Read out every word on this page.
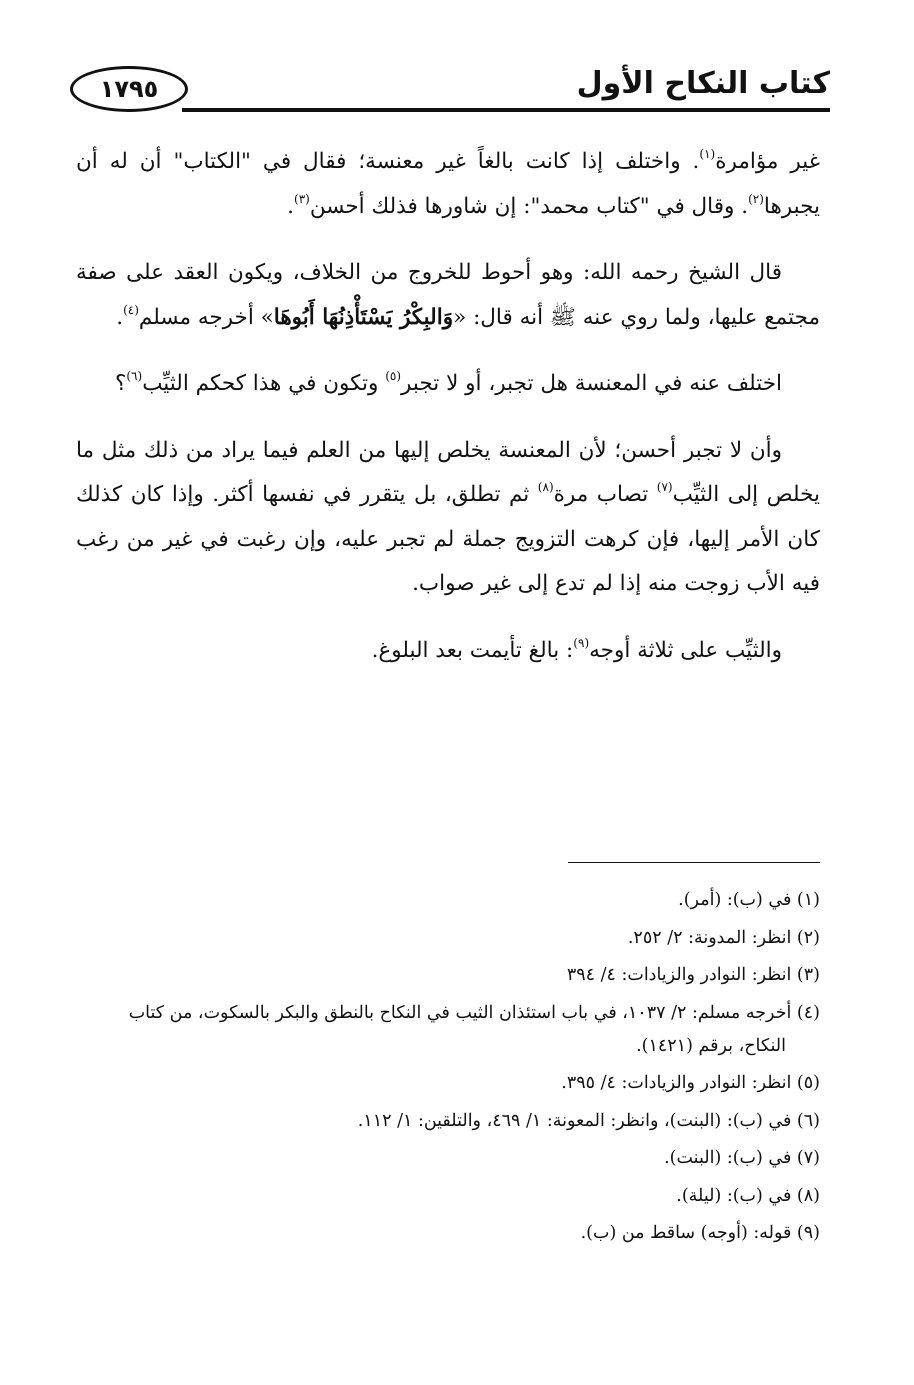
١٧٩٥	كتاب النكاح الأول

غير مؤامرة$^{(١)}$. واختلف إذا كانت بالغاً غير معنسة؛ فقال في "الكتاب" أن له أن يجبرها$^{(٢)}$. وقال في "كتاب محمد": إن شاورها فذلك أحسن$^{(٣)}$.

قال الشيخ رحمه الله: وهو أحوط للخروج من الخلاف، ويكون العقد على صفة مجتمع عليها، ولما روي عنه ﷺ أنه قال: «وَالبِكْرُ يَسْتَأْذِنُهَا أَبُوهَا» أخرجه مسلم$^{(٤)}$.

اختلف عنه في المعنسة هل تجبر، أو لا تجبر$^{(٥)}$ وتكون في هذا كحكم الثيِّب$^{(٦)}$؟

وأن لا تجبر أحسن؛ لأن المعنسة يخلص إليها من العلم فيما يراد من ذلك مثل ما يخلص إلى الثيِّب$^{(٧)}$ تصاب مرة$^{(٨)}$ ثم تطلق، بل يتقرر في نفسها أكثر. وإذا كان كذلك كان الأمر إليها، فإن كرهت التزويج جملة لم تجبر عليه، وإن رغبت في غير من رغب فيه الأب زوجت منه إذا لم تدع إلى غير صواب.

والثيِّب على ثلاثة أوجه$^{(٩)}$: بالغ تأيمت بعد البلوغ.

(١) في (ب): (أمر).
(٢) انظر: المدونة: ٢/ ٢٥٢.
(٣) انظر: النوادر والزيادات: ٤/ ٣٩٤
(٤) أخرجه مسلم: ٢/ ١٠٣٧، في باب استئذان الثيب في النكاح بالنطق والبكر بالسكوت، من كتاب النكاح، برقم (١٤٢١).
(٥) انظر: النوادر والزيادات: ٤/ ٣٩٥.
(٦) في (ب): (البنت)، وانظر: المعونة: ١/ ٤٦٩، والتلقين: ١/ ١١٢.
(٧) في (ب): (البنت).
(٨) في (ب): (ليلة).
(٩) قوله: (أوجه) ساقط من (ب).
